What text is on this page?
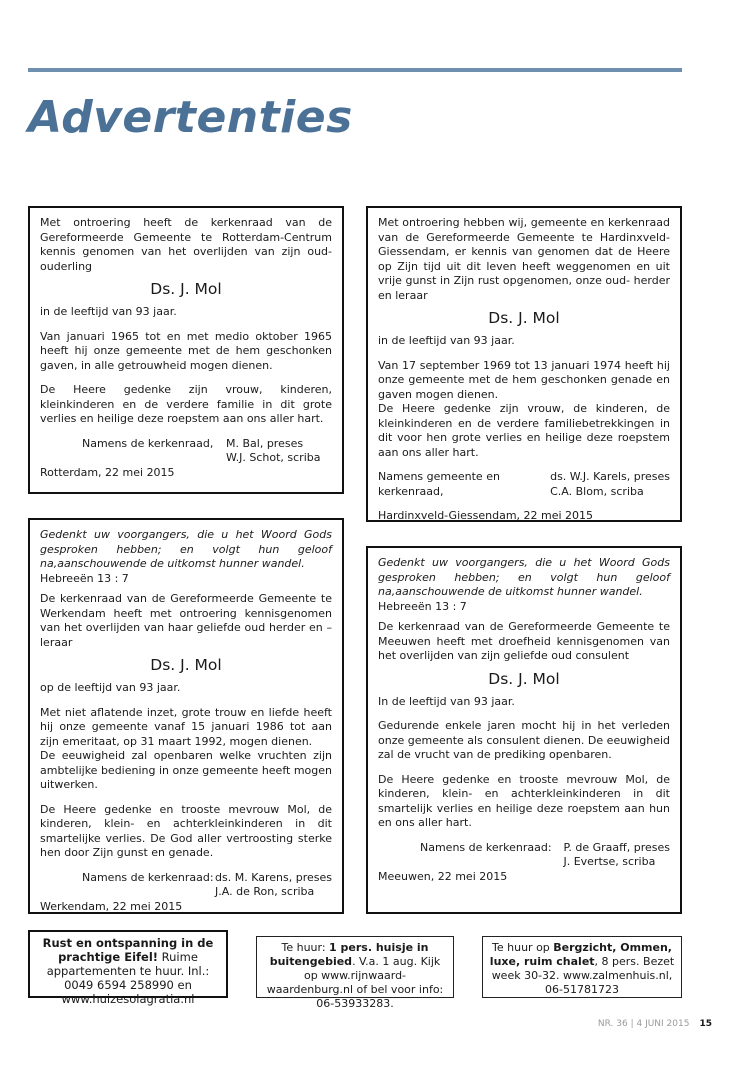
Advertenties

Met ontroering heeft de kerkenraad van de Gereformeerde Gemeente te Rotterdam-Centrum kennis genomen van het overlijden van zijn oud-ouderling

Ds. J. Mol

in de leeftijd van 93 jaar.

Van januari 1965 tot en met medio oktober 1965 heeft hij onze gemeente met de hem geschonken gaven, in alle getrouwheid mogen dienen.

De Heere gedenke zijn vrouw, kinderen, kleinkinderen en de verdere familie in dit grote verlies en heilige deze roepstem aan ons aller hart.

Namens de kerkenraad,	M. Bal, preses
W.J. Schot, scriba

Rotterdam, 22 mei 2015

Met ontroering hebben wij, gemeente en kerkenraad van de Gereformeerde Gemeente te Hardinxveld-Giessendam, er kennis van genomen dat de Heere op Zijn tijd uit dit leven heeft weggenomen en uit vrije gunst in Zijn rust opgenomen, onze oud- herder en leraar

Ds. J. Mol

in de leeftijd van 93 jaar.

Van 17 september 1969 tot 13 januari 1974 heeft hij onze gemeente met de hem geschonken genade en gaven mogen dienen.

De Heere gedenke zijn vrouw, de kinderen, de kleinkinderen en de verdere familiebetrekkingen in dit voor hen grote verlies en heilige deze roepstem aan ons aller hart.

Namens gemeente en kerkenraad,
ds. W.J. Karels, preses
C.A. Blom, scriba

Hardinxveld-Giessendam, 22 mei 2015

Gedenkt uw voorgangers, die u het Woord Gods gesproken hebben; en volgt hun geloof na,aanschouwende de uitkomst hunner wandel.

Hebreeën 13 : 7

De kerkenraad van de Gereformeerde Gemeente te Werkendam heeft met ontroering kennisgenomen van het overlijden van haar geliefde oud herder en –leraar

Ds. J. Mol

op de leeftijd van 93 jaar.

Met niet aflatende inzet, grote trouw en liefde heeft hij onze gemeente vanaf 15 januari 1986 tot aan zijn emeritaat, op 31 maart 1992, mogen dienen.

De eeuwigheid zal openbaren welke vruchten zijn ambtelijke bediening in onze gemeente heeft mogen uitwerken.

De Heere gedenke en trooste mevrouw Mol, de kinderen, klein- en achterkleinkinderen in dit smartelijke verlies. De God aller vertroosting sterke hen door Zijn gunst en genade.

Namens de kerkenraad: ds. M. Karens, preses
J.A. de Ron, scriba

Werkendam, 22 mei 2015

Gedenkt uw voorgangers, die u het Woord Gods gesproken hebben; en volgt hun geloof na,aanschouwende de uitkomst hunner wandel.

Hebreeën 13 : 7

De kerkenraad van de Gereformeerde Gemeente te Meeuwen heeft met droefheid kennisgenomen van het overlijden van zijn geliefde oud consulent

Ds. J. Mol

In de leeftijd van 93 jaar.

Gedurende enkele jaren mocht hij in het verleden onze gemeente als consulent dienen. De eeuwigheid zal de vrucht van de prediking openbaren.

De Heere gedenke en trooste mevrouw Mol, de kinderen, klein- en achterkleinkinderen in dit smartelijk verlies en heilige deze roepstem aan hun en ons aller hart.

Namens de kerkenraad:	P. de Graaff, preses
J. Evertse, scriba

Meeuwen, 22 mei 2015

Rust en ontspanning in de prachtige Eifel! Ruime appartementen te huur. Inl.: 0049 6594 258990 en www.huizesolagratia.nl
Te huur: 1 pers. huisje in buitengebied. V.a. 1 aug. Kijk op www.rijnwaard-waardenburg.nl of bel voor info: 06-53933283.
Te huur op Bergzicht, Ommen, luxe, ruim chalet, 8 pers. Bezet week 30-32. www.zalmenhuis.nl, 06-51781723
NR. 36 | 4 JUNI 2015 15
